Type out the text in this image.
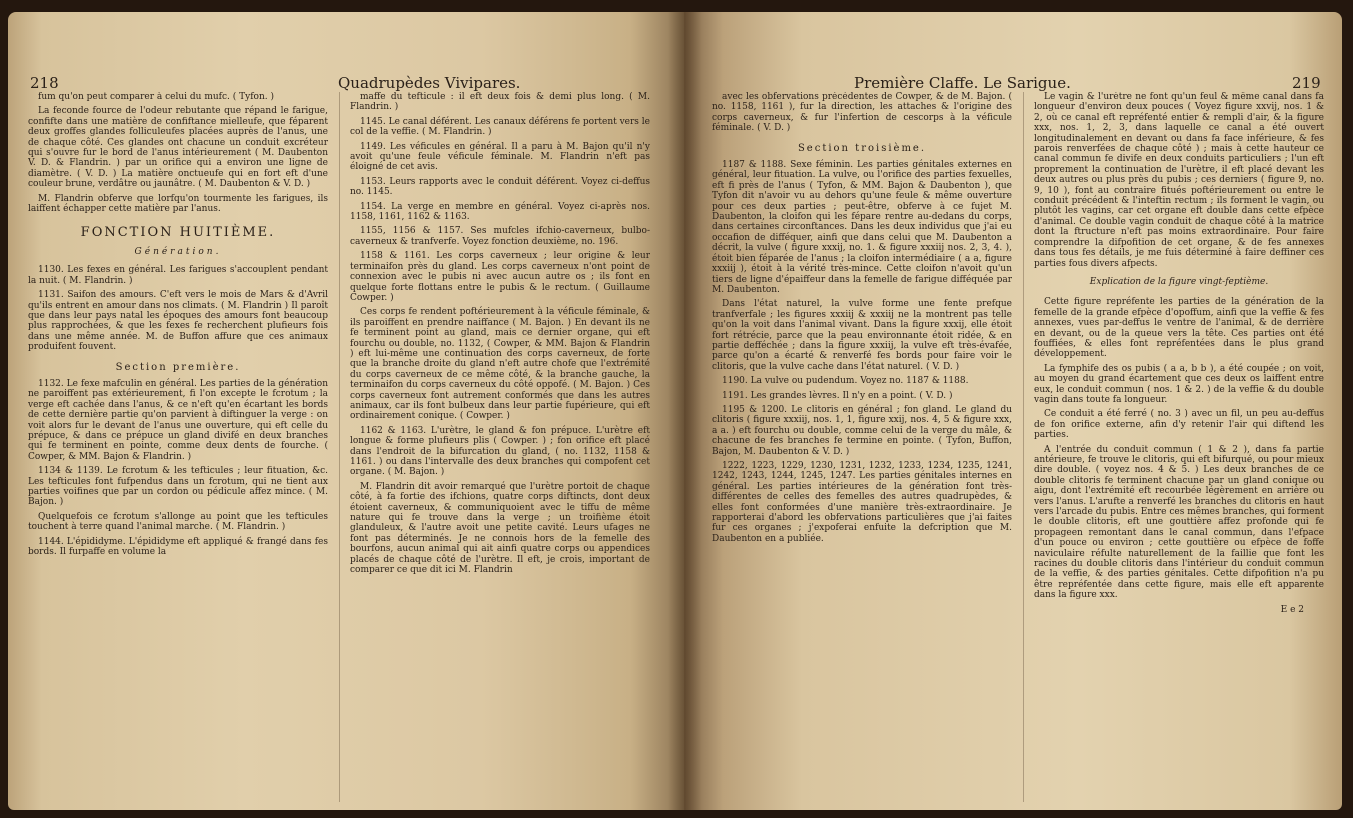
218	Quadrupèdes Vivipares.

fum qu'on peut comparer à celui du mufc. ( Tyfon. )

La feconde fource de l'odeur rebutante que répand le farigue, confifte dans une matière de confiftance mielleufe, que féparent deux groffes glandes folliculeufes placées auprès de l'anus, une de chaque côté. Ces glandes ont chacune un conduit excréteur qui s'ouvre fur le bord de l'anus intérieurement ( M. Daubenton V. D. & Flandrin. ) par un orifice qui a environ une ligne de diamètre. ( V. D. ) La matière onctueufe qui en fort eft d'une couleur brune, verdâtre ou jaunâtre. ( M. Daubenton & V. D. )

M. Flandrin obferve que lorfqu'on tourmente les farigues, ils laiffent échapper cette matière par l'anus.

FONCTION HUITIÈME.

Génération.

1130. Les fexes en général. Les farigues s'accouplent pendant la nuit. ( M. Flandrin. )

1131. Saifon des amours. C'eft vers le mois de Mars & d'Avril qu'ils entrent en amour dans nos climats. ( M. Flandrin ) Il paroît que dans leur pays natal les époques des amours font beaucoup plus rapprochées, & que les fexes fe recherchent plufieurs fois dans une même année. M. de Buffon affure que ces animaux produifent fouvent.

Section première.

1132. Le fexe mafculin en général. Les parties de la génération ne paroiffent pas extérieurement, fi l'on excepte le fcrotum ; la verge eft cachée dans l'anus, & ce n'eft qu'en écartant les bords de cette dernière partie qu'on parvient à diftinguer la verge : on voit alors fur le devant de l'anus une ouverture, qui eft celle du prépuce, & dans ce prépuce un gland divifé en deux branches qui fe terminent en pointe, comme deux dents de fourche. ( Cowper, & MM. Bajon & Flandrin. )

1134 & 1139. Le fcrotum & les tefticules ; leur fituation, &c. Les tefticules font fufpendus dans un fcrotum, qui ne tient aux parties voifines que par un cordon ou pédicule affez mince. ( M. Bajon. )

Quelquefois ce fcrotum s'allonge au point que les tefticules touchent à terre quand l'animal marche. ( M. Flandrin. )

1144. L'épididyme. L'épididyme eft appliqué & frangé dans fes bords. Il furpaffe en volume la

maffe du tefticule : il eft deux fois & demi plus long. ( M. Flandrin. )

1145. Le canal déférent. Les canaux déférens fe portent vers le col de la veffie. ( M. Flandrin. )

1149. Les véficules en général. Il a paru à M. Bajon qu'il n'y avoit qu'une feule véficule féminale. M. Flandrin n'eft pas éloigné de cet avis.

1153. Leurs rapports avec le conduit déférent. Voyez ci-deffus no. 1145.

1154. La verge en membre en général. Voyez ci-après nos. 1158, 1161, 1162 & 1163.

1155, 1156 & 1157. Ses mufcles ifchio-caverneux, bulbo-caverneux & tranfverfe. Voyez fonction deuxième, no. 196.

1158 & 1161. Les corps caverneux ; leur origine & leur terminaifon près du gland. Les corps caverneux n'ont point de connexion avec le pubis ni avec aucun autre os ; ils font en quelque forte flottans entre le pubis & le rectum. ( Guillaume Cowper. )

Ces corps fe rendent poftérieurement à la véficule féminale, & ils paroiffent en prendre naiffance ( M. Bajon. ) En devant ils ne fe terminent point au gland, mais ce dernier organe, qui eft fourchu ou double, no. 1132, ( Cowper, & MM. Bajon & Flandrin ) eft lui-même une continuation des corps caverneux, de forte que la branche droite du gland n'eft autre chofe que l'extrémité du corps caverneux de ce même côté, & la branche gauche, la terminaifon du corps caverneux du côté oppofé. ( M. Bajon. ) Ces corps caverneux font autrement conformés que dans les autres animaux, car ils font bulbeux dans leur partie fupérieure, qui eft ordinairement conique. ( Cowper. )

1162 & 1163. L'urètre, le gland & fon prépuce. L'urètre eft longue & forme plufieurs plis ( Cowper. ) ; fon orifice eft placé dans l'endroit de la bifurcation du gland, ( no. 1132, 1158 & 1161. ) ou dans l'intervalle des deux branches qui compofent cet organe. ( M. Bajon. )

M. Flandrin dit avoir remarqué que l'urètre portoit de chaque côté, à fa fortie des ifchions, quatre corps diftincts, dont deux étoient caverneux, & communiquoient avec le tiffu de même nature qui fe trouve dans la verge ; un troifième étoit glanduleux, & l'autre avoit une petite cavité. Leurs ufages ne font pas déterminés. Je ne connois hors de la femelle des bourfons, aucun animal qui ait ainfi quatre corps ou appendices placés de chaque côté de l'urètre. Il eft, je crois, important de comparer ce que dit ici M. Flandrin

Première Claffe. Le Sarigue.	219

avec les obfervations précédentes de Cowper, & de M. Bajon. ( no. 1158, 1161 ), fur la direction, les attaches & l'origine des corps caverneux, & fur l'infertion de cescorps à la véficule féminale. ( V. D. )

Section troisième.

1187 & 1188. Sexe féminin. Les parties génitales externes en général, leur fituation. La vulve, ou l'orifice des parties fexuelles, eft fi près de l'anus ( Tyfon, & MM. Bajon & Daubenton ), que Tyfon dit n'avoir vu au dehors qu'une feule & même ouverture pour ces deux parties ; peut-être, obferve à ce fujet M. Daubenton, la cloifon qui les fépare rentre au-dedans du corps, dans certaines circonftances. Dans les deux individus que j'ai eu occafion de difféquer, ainfi que dans celui que M. Daubenton a décrit, la vulve ( figure xxxij, no. 1. & figure xxxiij nos. 2, 3, 4. ), étoit bien féparée de l'anus ; la cloifon intermédiaire ( a a, figure xxxiij ), étoit à la vérité très-mince. Cette cloifon n'avoit qu'un tiers de ligne d'épaiffeur dans la femelle de farigue difféquée par M. Daubenton.

Dans l'état naturel, la vulve forme une fente prefque tranfverfale ; les figures xxxiij & xxxiij ne la montrent pas telle qu'on la voit dans l'animal vivant. Dans la figure xxxij, elle étoit fort rétrécie, parce que la peau environnante étoit ridée, & en partie defféchée ; dans la figure xxxiij, la vulve eft très-évafée, parce qu'on a écarté & renverfé fes bords pour faire voir le clitoris, que la vulve cache dans l'état naturel. ( V. D. )

1190. La vulve ou pudendum. Voyez no. 1187 & 1188.

1191. Les grandes lèvres. Il n'y en a point. ( V. D. )

1195 & 1200. Le clitoris en général ; fon gland. Le gland du clitoris ( figure xxxiij, nos. 1, 1, figure xxij, nos. 4, 5 & figure xxx, a a. ) eft fourchu ou double, comme celui de la verge du mâle, & chacune de fes branches fe termine en pointe. ( Tyfon, Buffon, Bajon, M. Daubenton & V. D. )

1222, 1223, 1229, 1230, 1231, 1232, 1233, 1234, 1235, 1241, 1242, 1243, 1244, 1245, 1247. Les parties génitales internes en général. Les parties intérieures de la génération font très-différentes de celles des femelles des autres quadrupèdes, & elles font conformées d'une manière très-extraordinaire. Je rapporterai d'abord les obfervations particulières que j'ai faites fur ces organes ; j'expoferai enfuite la defcription que M. Daubenton en a publiée.

Le vagin & l'urètre ne font qu'un feul & même canal dans fa longueur d'environ deux pouces ( Voyez figure xxvij, nos. 1 & 2, où ce canal eft repréfenté entier & rempli d'air, & la figure xxx, nos. 1, 2, 3, dans laquelle ce canal a été ouvert longitudinalement en devant ou dans fa face inférieure, & fes parois renverfées de chaque côté ) ; mais à cette hauteur ce canal commun fe divife en deux conduits particuliers ; l'un eft proprement la continuation de l'urètre, il eft placé devant les deux autres ou plus près du pubis ; ces derniers ( figure 9, no. 9, 10 ), font au contraire fitués poftérieurement ou entre le conduit précédent & l'inteftin rectum ; ils forment le vagin, ou plutôt les vagins, car cet organe eft double dans cette efpèce d'animal. Ce double vagin conduit de chaque côté à la matrice dont la ftructure n'eft pas moins extraordinaire. Pour faire comprendre la difpofition de cet organe, & de fes annexes dans tous fes détails, je me fuis déterminé à faire deffiner ces parties fous divers afpects.

Explication de la figure vingt-feptième.

Cette figure repréfente les parties de la génération de la femelle de la grande efpèce d'opoffum, ainfi que la veffie & fes annexes, vues par-deffus le ventre de l'animal, & de derrière en devant, ou de la queue vers la tête. Ces parties ont été fouffiées, & elles font repréfentées dans le plus grand développement.

La fymphife des os pubis ( a a, b b ), a été coupée ; on voit, au moyen du grand écartement que ces deux os laiffent entre eux, le conduit commun ( nos. 1 & 2. ) de la veffie & du double vagin dans toute fa longueur.

Ce conduit a été ferré ( no. 3 ) avec un fil, un peu au-deffus de fon orifice externe, afin d'y retenir l'air qui diftend les parties.

A l'entrée du conduit commun ( 1 & 2 ), dans fa partie antérieure, fe trouve le clitoris, qui eft bifurqué, ou pour mieux dire double. ( voyez nos. 4 & 5. ) Les deux branches de ce double clitoris fe terminent chacune par un gland conique ou aigu, dont l'extrémité eft recourbée légèrement en arrière ou vers l'anus. L'arufte a renverfé les branches du clitoris en haut vers l'arcade du pubis. Entre ces mêmes branches, qui forment le double clitoris, eft une gouttière affez profonde qui fe propageen remontant dans le canal commun, dans l'efpace d'un pouce ou environ ; cette gouttière ou efpèce de foffe naviculaire réfulte naturellement de la faillie que font les racines du double clitoris dans l'intérieur du conduit commun de la veffie, & des parties génitales. Cette difpofition n'a pu être repréfentée dans cette figure, mais elle eft apparente dans la figure xxx.

E e 2
